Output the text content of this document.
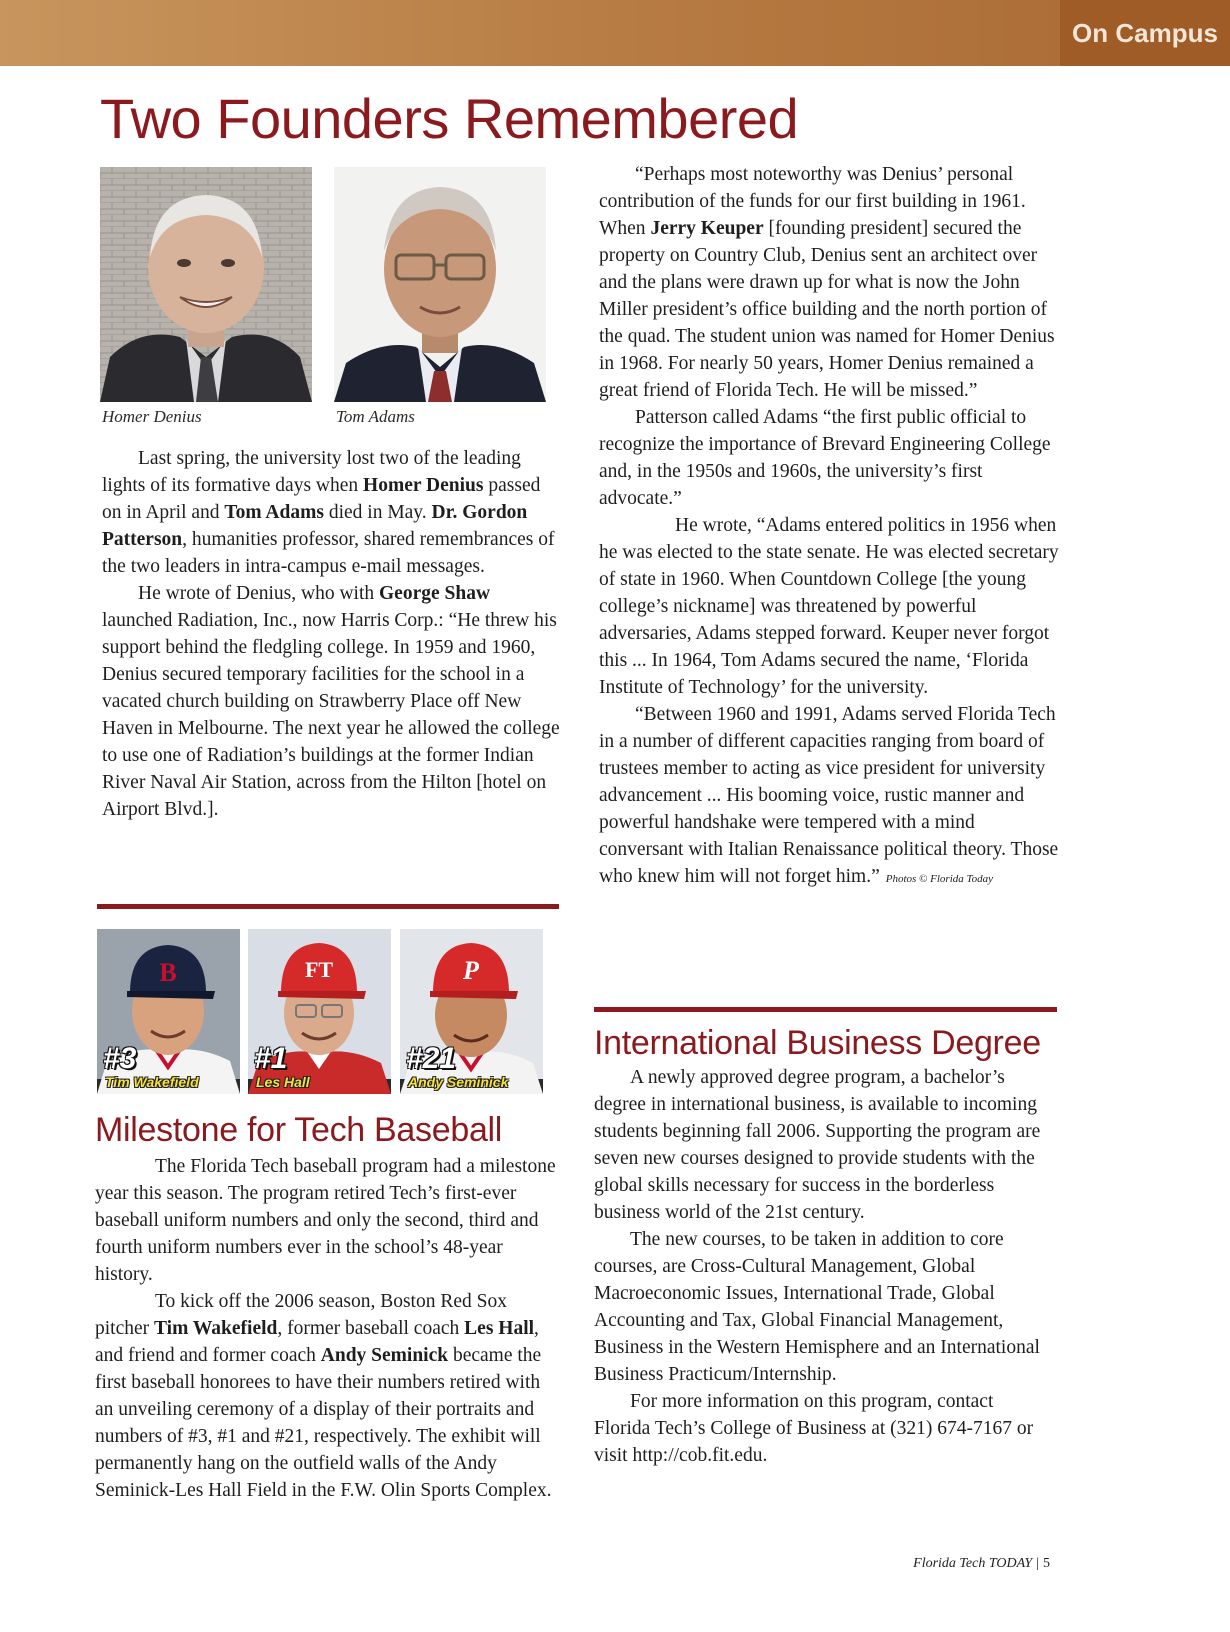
On Campus
Two Founders Remembered
Homer Denius	Tom Adams

Last spring, the university lost two of the leading lights of its formative days when Homer Denius passed on in April and Tom Adams died in May. Dr. Gordon Patterson, humanities professor, shared remembrances of the two leaders in intra-campus e-mail messages.

He wrote of Denius, who with George Shaw launched Radiation, Inc., now Harris Corp.: “He threw his support behind the fledgling college. In 1959 and 1960, Denius secured temporary facilities for the school in a vacated church building on Strawberry Place off New Haven in Melbourne. The next year he allowed the college to use one of Radiation’s buildings at the former Indian River Naval Air Station, across from the Hilton [hotel on Airport Blvd.].

“Perhaps most noteworthy was Denius’ personal contribution of the funds for our first building in 1961. When Jerry Keuper [founding president] secured the property on Country Club, Denius sent an architect over and the plans were drawn up for what is now the John Miller president’s office building and the north portion of the quad. The student union was named for Homer Denius in 1968. For nearly 50 years, Homer Denius remained a great friend of Florida Tech. He will be missed.”

Patterson called Adams “the first public official to recognize the importance of Brevard Engineering College and, in the 1950s and 1960s, the university’s first advocate.”

He wrote, “Adams entered politics in 1956 when he was elected to the state senate. He was elected secretary of state in 1960. When Countdown College [the young college’s nickname] was threatened by powerful adversaries, Adams stepped forward. Keuper never forgot this ... In 1964, Tom Adams secured the name, ‘Florida Institute of Technology’ for the university.

“Between 1960 and 1991, Adams served Florida Tech in a number of different capacities ranging from board of trustees member to acting as vice president for university advancement ... His booming voice, rustic manner and powerful handshake were tempered with a mind conversant with Italian Renaissance political theory. Those who knew him will not forget him.” Photos © Florida Today

B
#3
Tim Wakefield
FT
#1
Les Hall
P
#21
Andy Seminick
Milestone for Tech Baseball

The Florida Tech baseball program had a milestone year this season. The program retired Tech’s first-ever baseball uniform numbers and only the second, third and fourth uniform numbers ever in the school’s 48-year history.

To kick off the 2006 season, Boston Red Sox pitcher Tim Wakefield, former baseball coach Les Hall, and friend and former coach Andy Seminick became the first baseball honorees to have their numbers retired with an unveiling ceremony of a display of their portraits and numbers of #3, #1 and #21, respectively. The exhibit will permanently hang on the outfield walls of the Andy Seminick-Les Hall Field in the F.W. Olin Sports Complex.

International Business Degree

A newly approved degree program, a bachelor’s degree in international business, is available to incoming students beginning fall 2006. Supporting the program are seven new courses designed to provide students with the global skills necessary for success in the borderless business world of the 21st century.

The new courses, to be taken in addition to core courses, are Cross-Cultural Management, Global Macroeconomic Issues, International Trade, Global Accounting and Tax, Global Financial Management, Business in the Western Hemisphere and an International Business Practicum/Internship.

For more information on this program, contact Florida Tech’s College of Business at (321) 674-7167 or visit http://cob.fit.edu.

Florida Tech TODAY | 5
